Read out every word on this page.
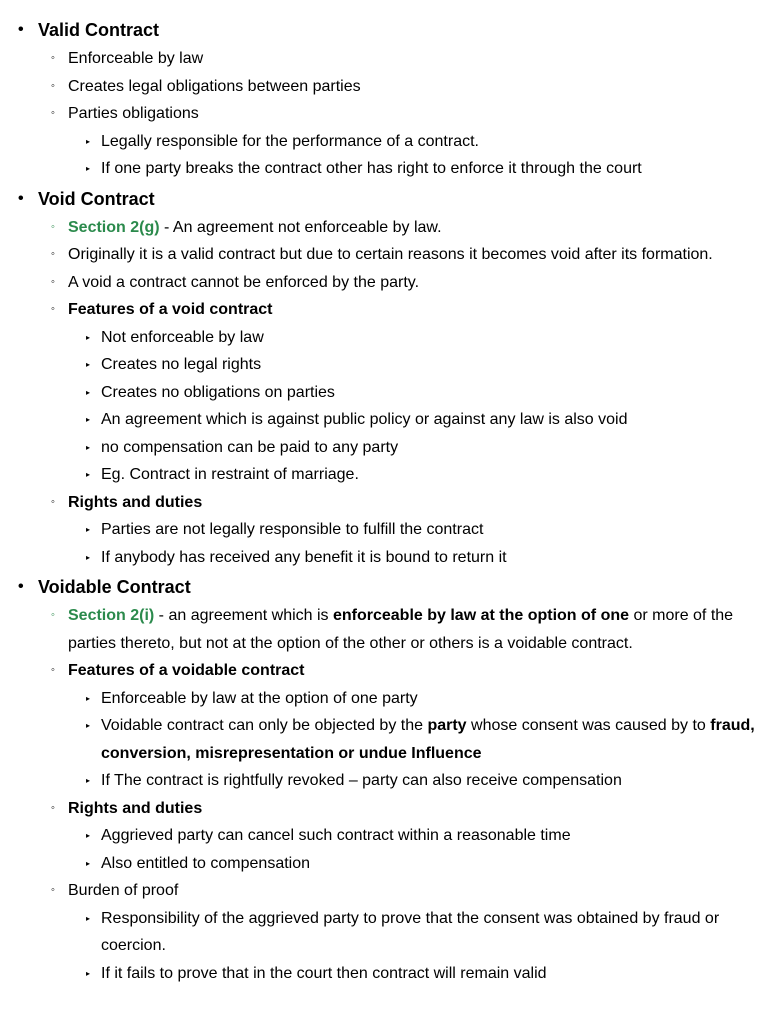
• Valid Contract
◦ Enforceable by law
◦ Creates legal obligations between parties
◦ Parties obligations
▸ Legally responsible for the performance of a contract.
▸ If one party breaks the contract other has right to enforce it through the court
• Void Contract
◦ Section 2(g) - An agreement not enforceable by law.
◦ Originally it is a valid contract but due to certain reasons it becomes void after its formation.
◦ A void a contract cannot be enforced by the party.
◦ Features of a void contract
▸ Not enforceable by law
▸ Creates no legal rights
▸ Creates no obligations on parties
▸ An agreement which is against public policy or against any law is also void
▸ no compensation can be paid to any party
▸ Eg. Contract in restraint of marriage.
◦ Rights and duties
▸ Parties are not legally responsible to fulfill the contract
▸ If anybody has received any benefit it is bound to return it
• Voidable Contract
◦ Section 2(i) - an agreement which is enforceable by law at the option of one or more of the parties thereto, but not at the option of the other or others is a voidable contract.
◦ Features of a voidable contract
▸ Enforceable by law at the option of one party
▸ Voidable contract can only be objected by the party whose consent was caused by to fraud, conversion, misrepresentation or undue Influence
▸ If The contract is rightfully revoked – party can also receive compensation
◦ Rights and duties
▸ Aggrieved party can cancel such contract within a reasonable time
▸ Also entitled to compensation
◦ Burden of proof
▸ Responsibility of the aggrieved party to prove that the consent was obtained by fraud or coercion.
▸ If it fails to prove that in the court then contract will remain valid
